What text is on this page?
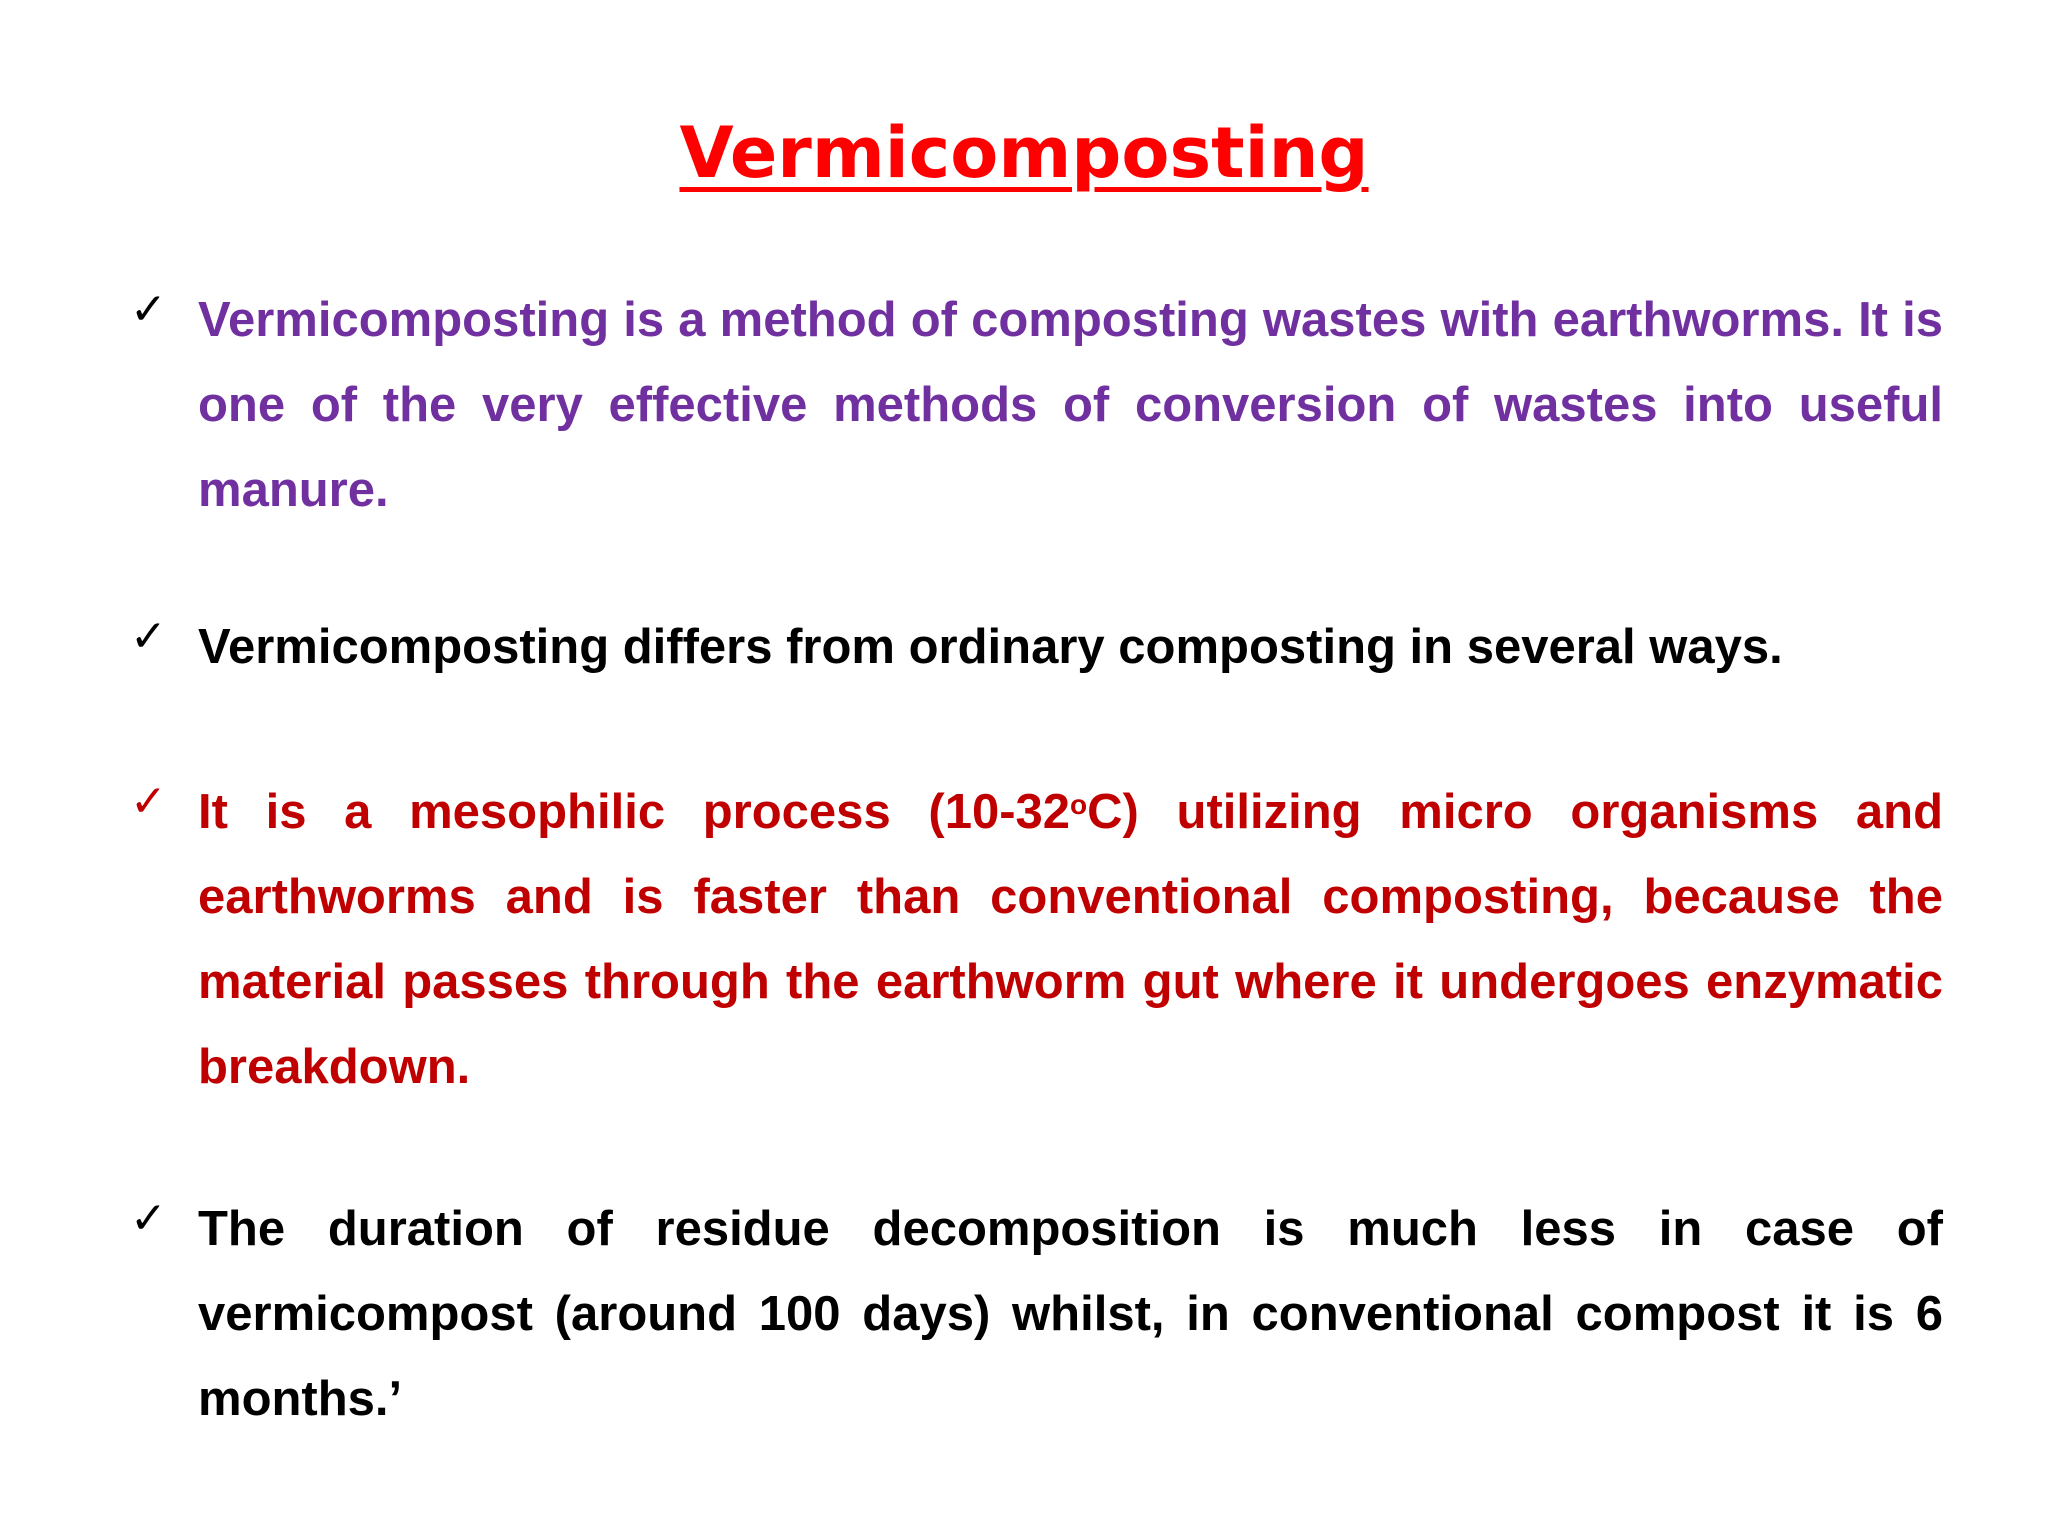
Vermicomposting
✓ Vermicomposting is a method of composting wastes with earthworms. It is one of the very effective methods of conversion of wastes into useful manure.
✓ Vermicomposting differs from ordinary composting in several ways.
✓ It is a mesophilic process (10-32$^o$C) utilizing micro organisms and earthworms and is faster than conventional composting, because the material passes through the earthworm gut where it undergoes enzymatic breakdown.
✓ The duration of residue decomposition is much less in case of vermicompost (around 100 days) whilst, in conventional compost it is 6 months.’
